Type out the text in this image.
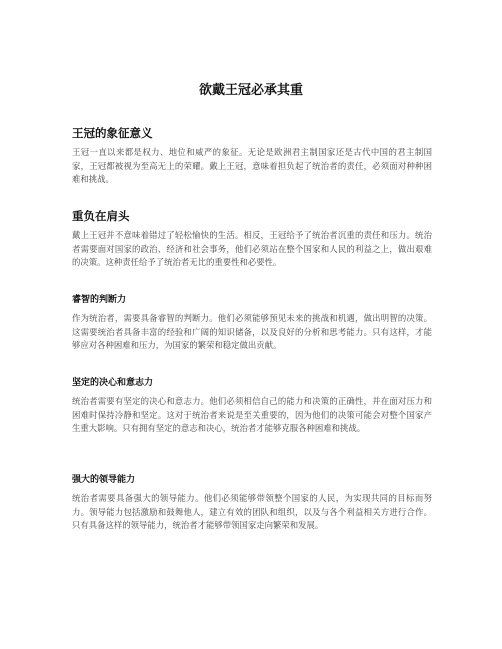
欲戴王冠必承其重
王冠的象征意义

王冠一直以来都是权力、地位和威严的象征。无论是欧洲君主制国家还是古代中国的君主制国家，王冠都被视为至高无上的荣耀。戴上王冠，意味着担负起了统治者的责任，必须面对种种困难和挑战。

重负在肩头

戴上王冠并不意味着错过了轻松愉快的生活。相反，王冠给予了统治者沉重的责任和压力。统治者需要面对国家的政治、经济和社会事务，他们必须站在整个国家和人民的利益之上，做出艰难的决策。这种责任给予了统治者无比的重要性和必要性。

睿智的判断力

作为统治者，需要具备睿智的判断力。他们必须能够预见未来的挑战和机遇，做出明智的决策。这需要统治者具备丰富的经验和广阔的知识储备，以及良好的分析和思考能力。只有这样，才能够应对各种困难和压力，为国家的繁荣和稳定做出贡献。

坚定的决心和意志力

统治者需要有坚定的决心和意志力。他们必须相信自己的能力和决策的正确性，并在面对压力和困难时保持冷静和坚定。这对于统治者来说是至关重要的，因为他们的决策可能会对整个国家产生重大影响。只有拥有坚定的意志和决心，统治者才能够克服各种困难和挑战。

强大的领导能力

统治者需要具备强大的领导能力。他们必须能够带领整个国家的人民，为实现共同的目标而努力。领导能力包括激励和鼓舞他人，建立有效的团队和组织，以及与各个利益相关方进行合作。只有具备这样的领导能力，统治者才能够带领国家走向繁荣和发展。
